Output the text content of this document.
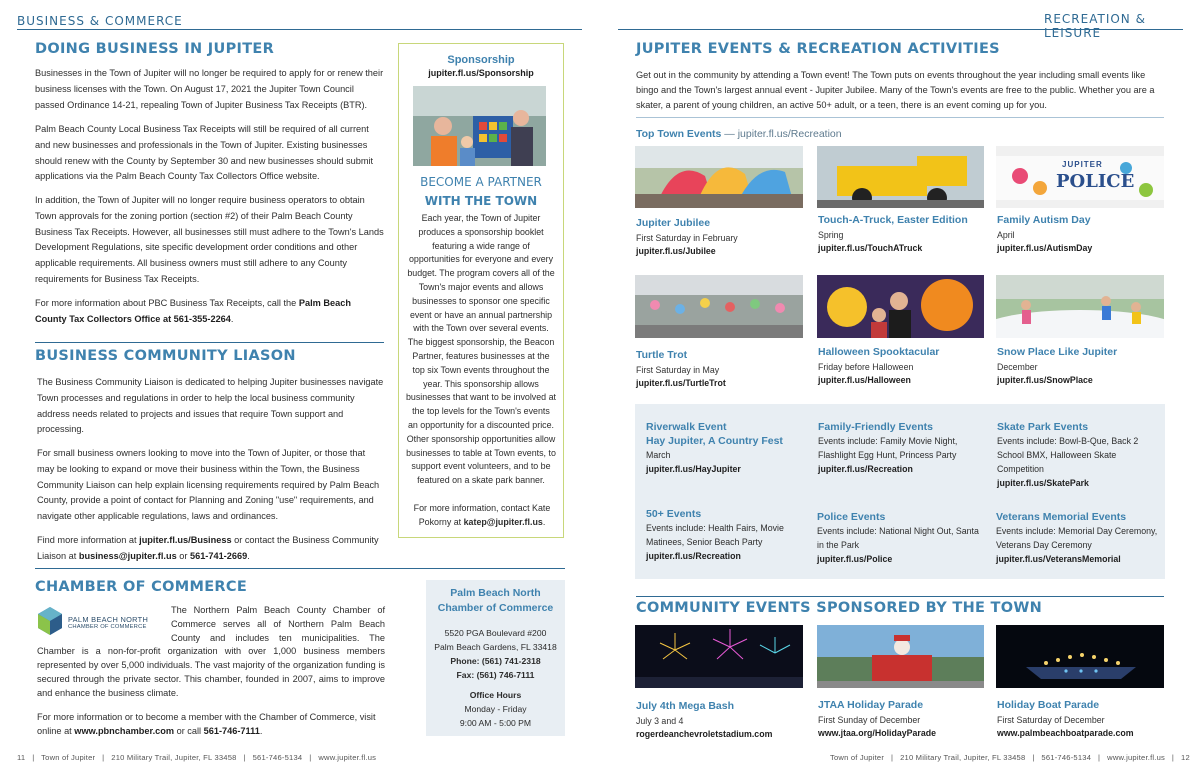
BUSINESS & COMMERCE
DOING BUSINESS IN JUPITER
Businesses in the Town of Jupiter will no longer be required to apply for or renew their business licenses with the Town. On August 17, 2021 the Jupiter Town Council passed Ordinance 14-21, repealing Town of Jupiter Business Tax Receipts (BTR).
Palm Beach County Local Business Tax Receipts will still be required of all current and new businesses and professionals in the Town of Jupiter. Existing businesses should renew with the County by September 30 and new businesses should submit applications via the Palm Beach County Tax Collectors Office website.
In addition, the Town of Jupiter will no longer require business operators to obtain Town approvals for the zoning portion (section #2) of their Palm Beach County Business Tax Receipts. However, all businesses still must adhere to the Town's Lands Development Regulations, site specific development order conditions and other applicable requirements. All business owners must still adhere to any County requirements for Business Tax Receipts.
For more information about PBC Business Tax Receipts, call the Palm Beach County Tax Collectors Office at 561-355-2264.
BUSINESS COMMUNITY LIASON
The Business Community Liaison is dedicated to helping Jupiter businesses navigate Town processes and regulations in order to help the local business community address needs related to projects and issues that require Town support and processing.
For small business owners looking to move into the Town of Jupiter, or those that may be looking to expand or move their business within the Town, the Business Community Liaison can help explain licensing requirements required by Palm Beach County, provide a point of contact for Planning and Zoning "use" requirements, and navigate other applicable regulations, laws and ordinances.
Find more information at jupiter.fl.us/Business or contact the Business Community Liaison at business@jupiter.fl.us or 561-741-2669.
Sponsorship
jupiter.fl.us/Sponsorship
BECOME A PARTNER
WITH THE TOWN
Each year, the Town of Jupiter produces a sponsorship booklet featuring a wide range of opportunities for everyone and every budget. The program covers all of the Town's major events and allows businesses to sponsor one specific event or have an annual partnership with the Town over several events. The biggest sponsorship, the Beacon Partner, features businesses at the top six Town events throughout the year. This sponsorship allows businesses that want to be involved at the top levels for the Town's events an opportunity for a discounted price. Other sponsorship opportunities allow businesses to table at Town events, to support event volunteers, and to be featured on a skate park banner.
For more information, contact Kate Pokorny at katep@jupiter.fl.us.
CHAMBER OF COMMERCE
PALM BEACH NORTH
CHAMBER OF COMMERCE
The Northern Palm Beach County Chamber of Commerce serves all of Northern Palm Beach County and includes ten municipalities. The Chamber is a non-for-profit organization with over 1,000 business members represented by over 5,000 individuals. The vast majority of the organization funding is secured through the private sector. This chamber, founded in 2007, aims to improve and enhance the business climate.
For more information or to become a member with the Chamber of Commerce, visit online at www.pbnchamber.com or call 561-746-7111.
Palm Beach North Chamber of Commerce
5520 PGA Boulevard #200
Palm Beach Gardens, FL 33418
Phone: (561) 741-2318
Fax: (561) 746-7111
Office Hours
Monday - Friday
9:00 AM - 5:00 PM
11   |   Town of Jupiter   |   210 Military Trail, Jupiter, FL 33458   |   561-746-5134   |   www.jupiter.fl.us
RECREATION & LEISURE
JUPITER EVENTS & RECREATION ACTIVITIES
Get out in the community by attending a Town event! The Town puts on events throughout the year including small events like bingo and the Town's largest annual event - Jupiter Jubilee. Many of the Town's events are free to the public. Whether you are a skater, a parent of young children, an active 50+ adult, or a teen, there is an event coming up for you.
Top Town Events — jupiter.fl.us/Recreation
JUPITER
POLICE
Jupiter Jubilee
First Saturday in February
jupiter.fl.us/Jubilee
Touch-A-Truck, Easter Edition
Spring
jupiter.fl.us/TouchATruck
Family Autism Day
April
jupiter.fl.us/AutismDay
Turtle Trot
First Saturday in May
jupiter.fl.us/TurtleTrot
Halloween Spooktacular
Friday before Halloween
jupiter.fl.us/Halloween
Snow Place Like Jupiter
December
jupiter.fl.us/SnowPlace
Riverwalk Event
Hay Jupiter, A Country Fest
March
jupiter.fl.us/HayJupiter
Family-Friendly Events
Events include: Family Movie Night, Flashlight Egg Hunt, Princess Party
jupiter.fl.us/Recreation
Skate Park Events
Events include: Bowl-B-Que, Back 2 School BMX, Halloween Skate Competition
jupiter.fl.us/SkatePark
50+ Events
Events include: Health Fairs, Movie Matinees, Senior Beach Party
jupiter.fl.us/Recreation
Police Events
Events include: National Night Out, Santa in the Park
jupiter.fl.us/Police
Veterans Memorial Events
Events include: Memorial Day Ceremony, Veterans Day Ceremony
jupiter.fl.us/VeteransMemorial
COMMUNITY EVENTS SPONSORED BY THE TOWN
July 4th Mega Bash
July 3 and 4
rogerdeanchevroletstadium.com
JTAA Holiday Parade
First Sunday of December
www.jtaa.org/HolidayParade
Holiday Boat Parade
First Saturday of December
www.palmbeachboatparade.com
Town of Jupiter   |   210 Military Trail, Jupiter, FL 33458   |   561-746-5134   |   www.jupiter.fl.us   |   12
